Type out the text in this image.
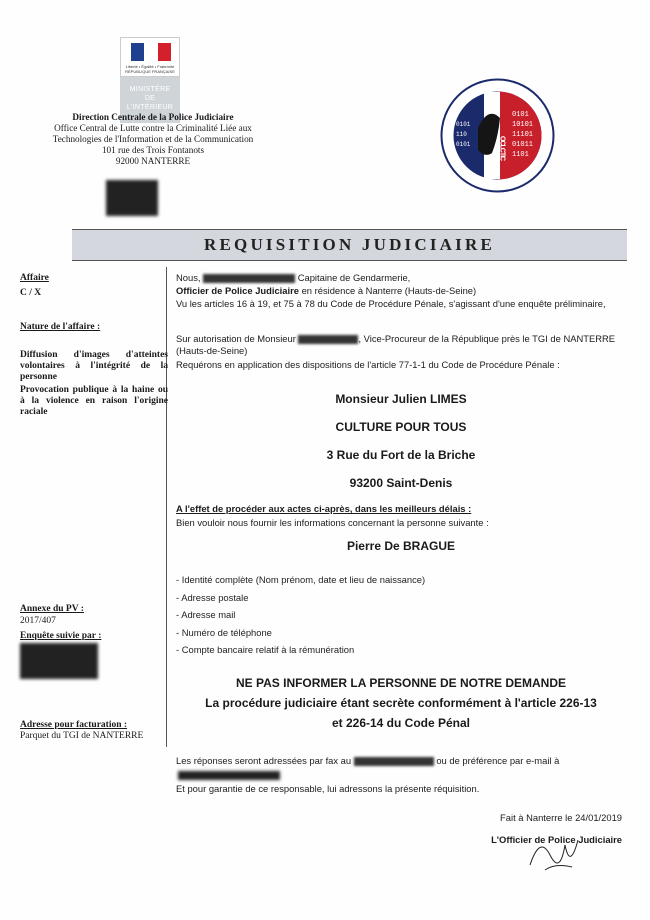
Liberté • Égalité • Fraternité RÉPUBLIQUE FRANÇAISE
MINISTÈRE
DE
L'INTÉRIEUR
Direction Centrale de la Police Judiciaire
Office Central de Lutte contre la Criminalité Liée aux
Technologies de l'Information et de la Communication
101 rue des Trois Fontanots
92000 NANTERRE
0101
10101
11101
01011
1101
0101
110
0101	OCLCTIC
REQUISITION JUDICIAIRE
Affaire
C / X
Nature de l'affaire :
Diffusion d'images d'atteintes volontaires à l'intégrité de la personne
Provocation publique à la haine ou à la violence en raison l'origine raciale
Annexe du PV :
2017/407
Enquête suivie par :
Adresse pour facturation :
Parquet du TGI de NANTERRE
Nous,	Capitaine de Gendarmerie,
Officier de Police Judiciaire en résidence à Nanterre (Hauts-de-Seine)
Vu les articles 16 à 19, et 75 à 78 du Code de Procédure Pénale, s'agissant d'une enquête préliminaire,
Sur autorisation de Monsieur	, Vice-Procureur de la République près le TGI de NANTERRE (Hauts-de-Seine)
Requérons en application des dispositions de l'article 77-1-1 du Code de Procédure Pénale :
Monsieur Julien LIMES
CULTURE POUR TOUS
3 Rue du Fort de la Briche
93200 Saint-Denis
A l'effet de procéder aux actes ci-après, dans les meilleurs délais :
Bien vouloir nous fournir les informations concernant la personne suivante :
Pierre De BRAGUE
- Identité complète (Nom prénom, date et lieu de naissance)
- Adresse postale
- Adresse mail
- Numéro de téléphone
- Compte bancaire relatif à la rémunération
NE PAS INFORMER LA PERSONNE DE NOTRE DEMANDE
La procédure judiciaire étant secrète conformément à l'article 226-13
et 226-14 du Code Pénal
Les réponses seront adressées par fax au	ou de préférence par e-mail à
Et pour garantie de ce responsable, lui adressons la présente réquisition.
Fait à Nanterre le 24/01/2019
L'Officier de Police Judiciaire
